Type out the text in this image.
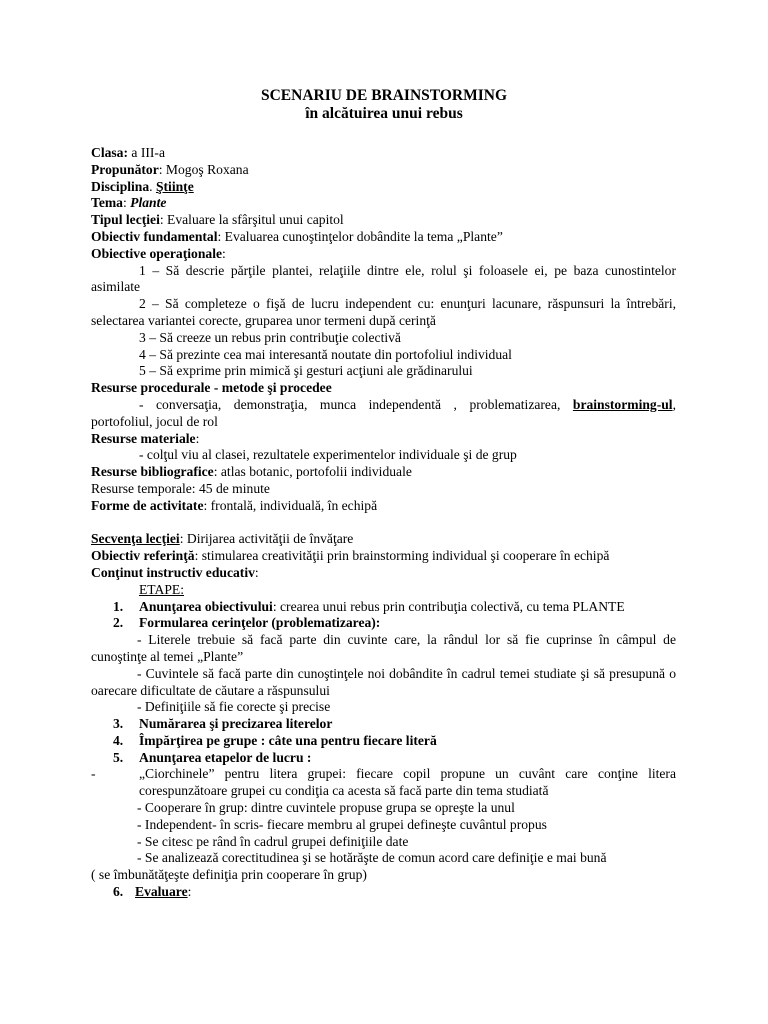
SCENARIU DE BRAINSTORMING
în alcătuirea unui rebus
Clasa: a III-a
Propunător: Mogoş Roxana
Disciplina. Ştiinţe
Tema: Plante
Tipul lecţiei: Evaluare la sfârşitul unui capitol
Obiectiv fundamental: Evaluarea cunoştinţelor dobândite la tema „Plante”
Obiective operaţionale:
1 – Să descrie părţile plantei, relaţiile dintre ele, rolul şi foloasele ei, pe baza cunostintelor asimilate
2 – Să completeze o fişă de lucru independent cu: enunţuri lacunare, răspunsuri la întrebări, selectarea variantei corecte, gruparea unor termeni după cerinţă
3 – Să creeze un rebus prin contribuţie colectivă
4 – Să prezinte cea mai interesantă noutate din portofoliul individual
5 – Să exprime prin mimică şi gesturi acţiuni ale grădinarului
Resurse procedurale - metode şi procedee
- conversaţia, demonstraţia, munca independentă , problematizarea, brainstorming-ul, portofoliul, jocul de rol
Resurse materiale:
- colţul viu al clasei, rezultatele experimentelor individuale şi de grup
Resurse bibliografice: atlas botanic, portofolii individuale
Resurse temporale: 45 de minute
Forme de activitate: frontală, individuală, în echipă
Secvenţa lecţiei: Dirijarea activităţii de învăţare
Obiectiv referinţă: stimularea creativităţii prin brainstorming individual şi cooperare în echipă
Conţinut instructiv educativ:
ETAPE:
1. Anunţarea obiectivului: crearea unui rebus prin contribuţia colectivă, cu tema PLANTE
2. Formularea cerinţelor (problematizarea):
- Literele trebuie să facă parte din cuvinte care, la rândul lor să fie cuprinse în câmpul de cunoştinţe al temei „Plante”
- Cuvintele să facă parte din cunoştinţele noi dobândite în cadrul temei studiate şi să presupună o oarecare dificultate de căutare a răspunsului
- Definiţiile să fie corecte şi precise
3. Numărarea şi precizarea literelor
4. Împărţirea pe grupe : câte una pentru fiecare literă
5. Anunţarea etapelor de lucru :
-	„Ciorchinele” pentru litera grupei: fiecare copil propune un cuvânt care conţine litera corespunzătoare grupei cu condiţia ca acesta să facă parte din tema studiată
- Cooperare în grup: dintre cuvintele propuse grupa se opreşte la unul
- Independent- în scris- fiecare membru al grupei defineşte cuvântul propus
- Se citesc pe rând în cadrul grupei definiţiile date
- Se analizează corectitudinea şi se hotărăşte de comun acord care definiţie e mai bună
( se îmbunătăţeşte definiţia prin cooperare în grup)
6. Evaluare:
